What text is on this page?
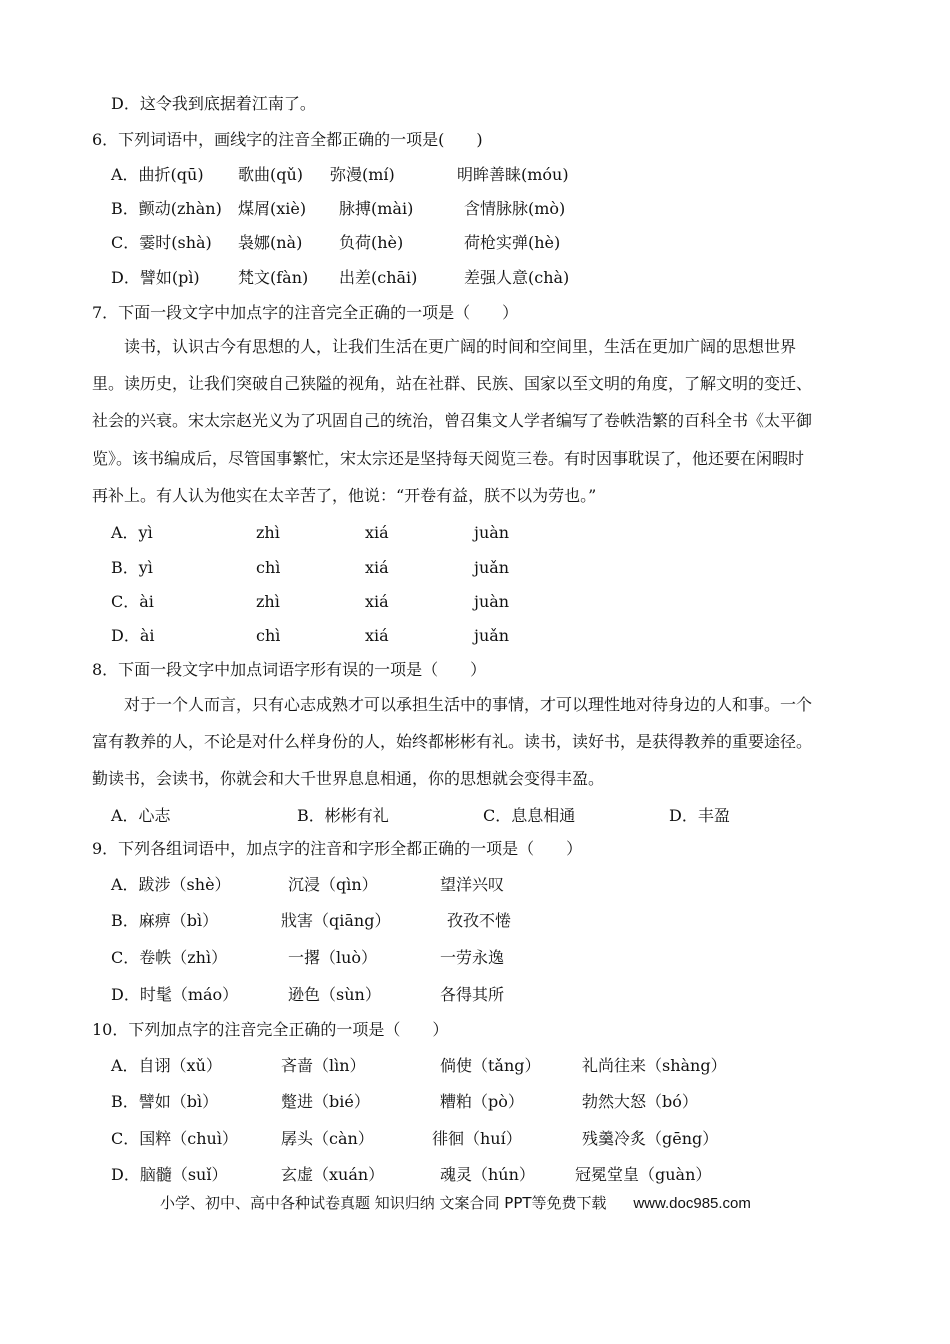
D．这令我到底据着江南了。
6．下列词语中，画线字的注音全都正确的一项是(　　)
A．曲折(qū) 歌曲(qǔ) 弥漫(mí)	明眸善睐(móu)
B．颤动(zhàn) 煤屑(xiè) 脉搏(mài)	含情脉脉(mò)
C．霎时(shà) 袅娜(nà) 负荷(hè)	荷枪实弹(hè)
D．譬如(pì) 梵文(fàn) 出差(chāi)	差强人意(chà)
7．下面一段文字中加点字的注音完全正确的一项是（　　）
　　读书，认识古今有思想的人，让我们生活在更广阔的时间和空间里，生活在更加广阔的思想世界
里。读历史，让我们突破自己狭隘的视角，站在社群、民族、国家以至文明的角度，了解文明的变迁、
社会的兴衰。宋太宗赵光义为了巩固自己的统治，曾召集文人学者编写了卷帙浩繁的百科全书《太平御
览》。该书编成后，尽管国事繁忙，宋太宗还是坚持每天阅览三卷。有时因事耽误了，他还要在闲暇时
再补上。有人认为他实在太辛苦了，他说：“开卷有益，朕不以为劳也。”
A．yì	zhì	xiá	juàn
B．yì	chì	xiá	juǎn
C．ài	zhì	xiá	juàn
D．ài	chì	xiá	juǎn
8．下面一段文字中加点词语字形有误的一项是（　　）
　　对于一个人而言，只有心志成熟才可以承担生活中的事情，才可以理性地对待身边的人和事。一个
富有教养的人，不论是对什么样身份的人，始终都彬彬有礼。读书，读好书，是获得教养的重要途径。
勤读书，会读书，你就会和大千世界息息相通，你的思想就会变得丰盈。
A．心志	B．彬彬有礼	C．息息相通	D．丰盈
9．下列各组词语中，加点字的注音和字形全都正确的一项是（　　）
A．跋涉（shè）	沉浸（qìn）	望洋兴叹
B．麻痹（bì）	戕害（qiāng）	孜孜不惓
C．卷帙（zhì）	一撂（luò）	一劳永逸
D．时髦（máo）	逊色（sùn）	各得其所
10．下列加点字的注音完全正确的一项是（　　）
A．自诩（xǔ）	吝啬（lìn）	倘使（tǎng）	礼尚往来（shàng）
B．譬如（bì）	蹩进（bié）	糟粕（pò）	勃然大怒（bó）
C．国粹（chuì）	孱头（càn）	徘徊（huí）	残羹冷炙（gēng）
D．脑髓（suǐ）	玄虚（xuán）	魂灵（hún）	冠冕堂皇（guàn）
小学、初中、高中各种试卷真题 知识归纳 文案合同 PPT等免费下载 www.doc985.com
